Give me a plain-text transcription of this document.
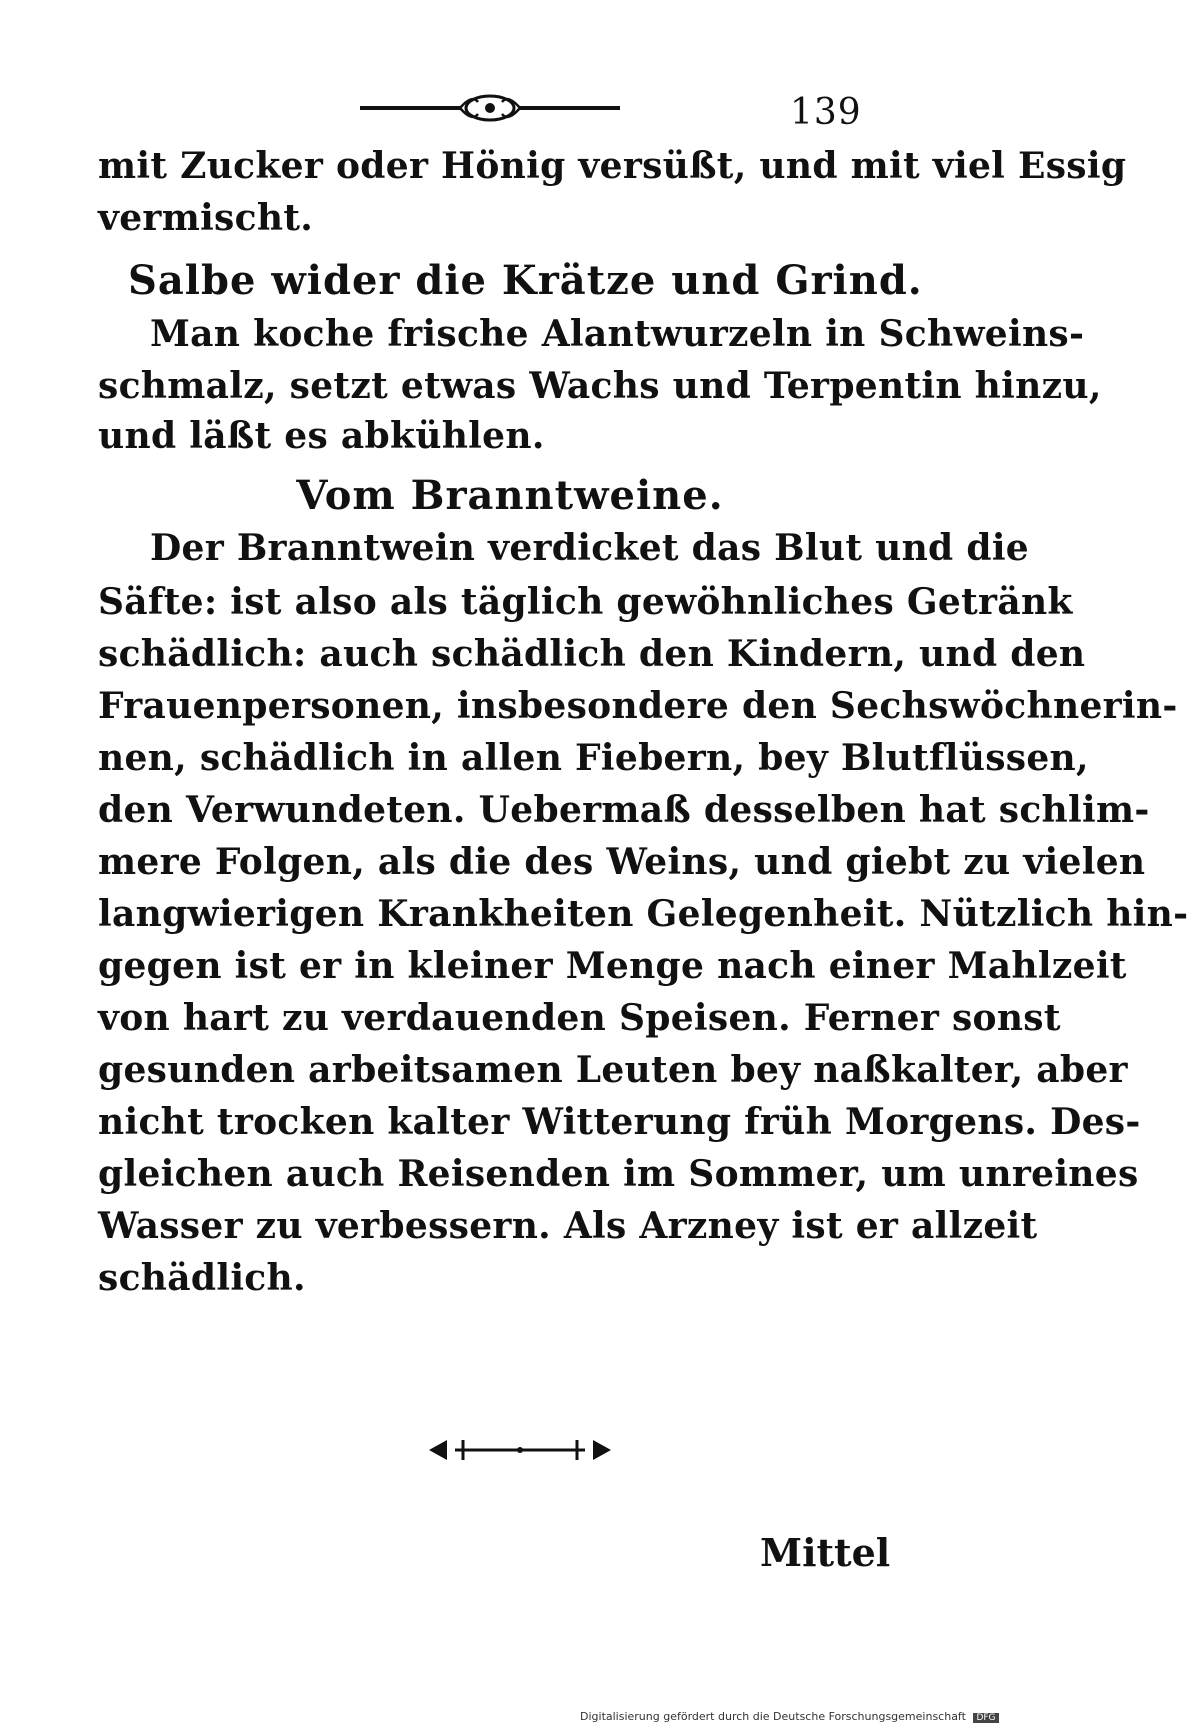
139
mit Zucker oder Hönig versüßt, und mit viel Essig
vermischt.
Salbe wider die Krätze und Grind.
Man koche frische Alantwurzeln in Schweins-
schmalz, setzt etwas Wachs und Terpentin hinzu,
und läßt es abkühlen.
Vom Branntweine.
Der Branntwein verdicket das Blut und die
Säfte: ist also als täglich gewöhnliches Getränk
schädlich: auch schädlich den Kindern, und den
Frauenpersonen, insbesondere den Sechswöchnerin-
nen, schädlich in allen Fiebern, bey Blutflüssen,
den Verwundeten. Uebermaß desselben hat schlim-
mere Folgen, als die des Weins, und giebt zu vielen
langwierigen Krankheiten Gelegenheit. Nützlich hin-
gegen ist er in kleiner Menge nach einer Mahlzeit
von hart zu verdauenden Speisen. Ferner sonst
gesunden arbeitsamen Leuten bey naßkalter, aber
nicht trocken kalter Witterung früh Morgens. Des-
gleichen auch Reisenden im Sommer, um unreines
Wasser zu verbessern. Als Arzney ist er allzeit
schädlich.
Mittel
Digitalisierung gefördert durch die Deutsche Forschungsgemeinschaft DFG
